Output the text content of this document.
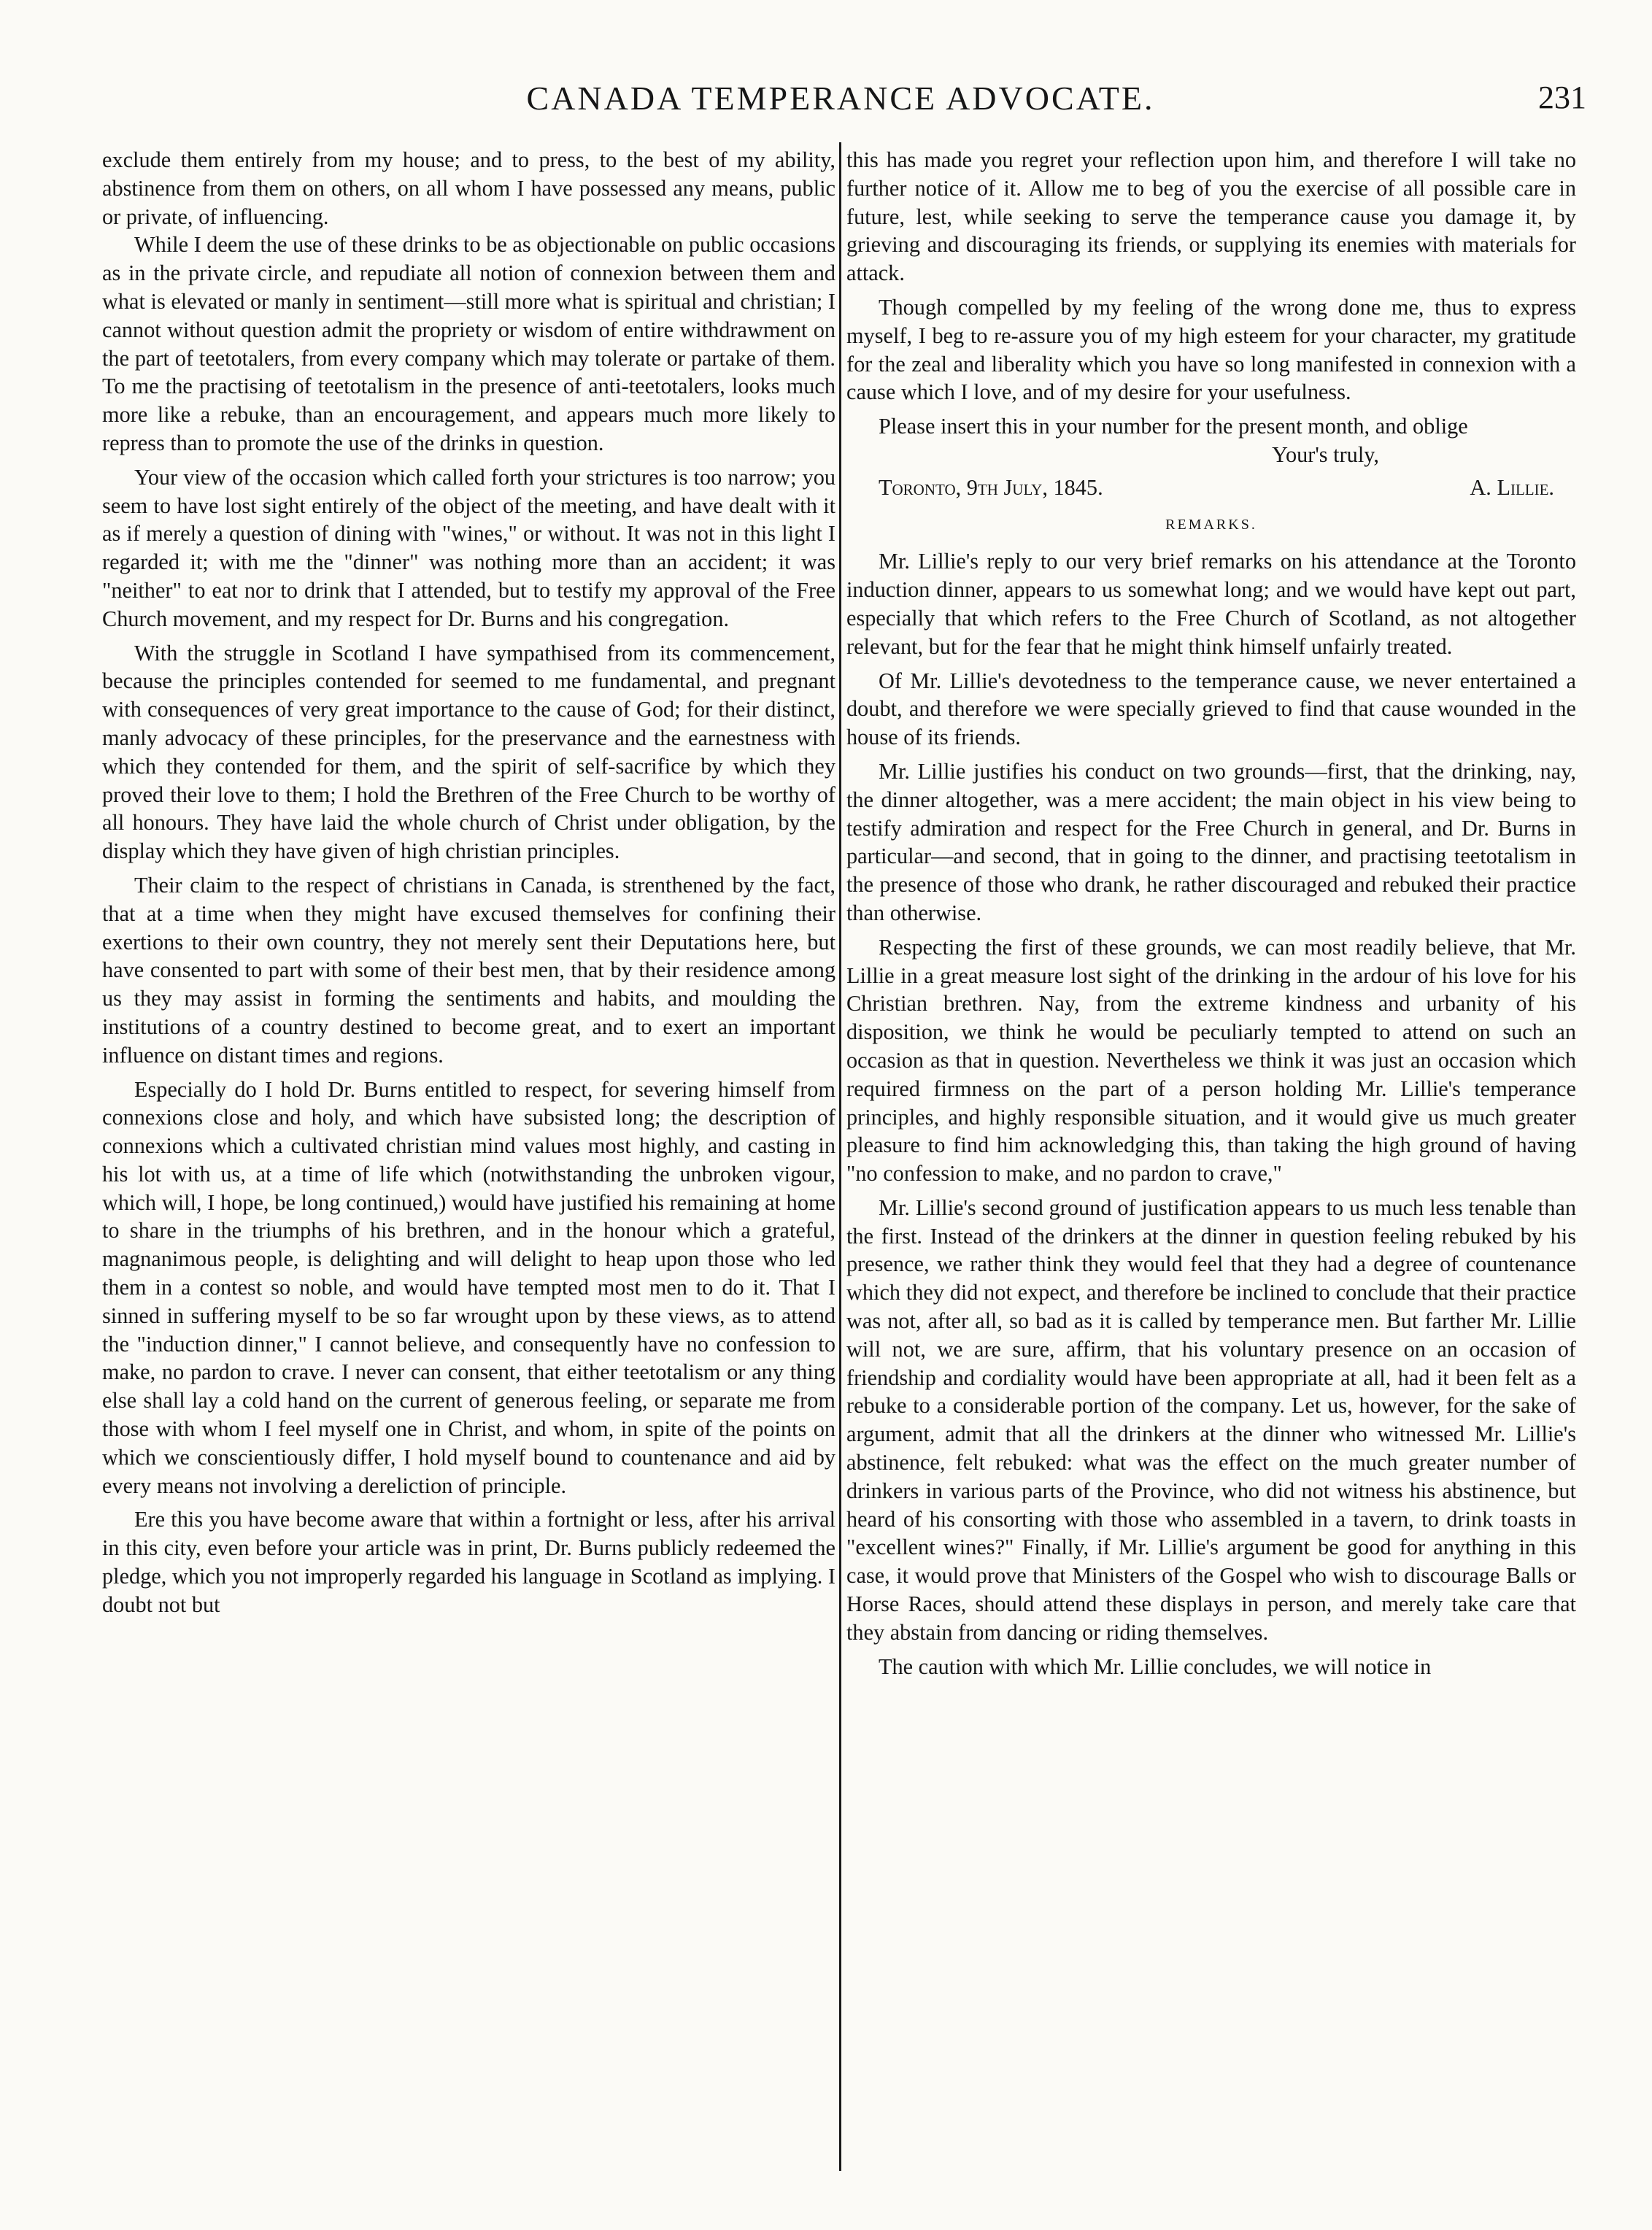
CANADA TEMPERANCE ADVOCATE.	231

exclude them entirely from my house; and to press, to the best of my ability, abstinence from them on others, on all whom I have possessed any means, public or private, of influencing.

While I deem the use of these drinks to be as objectionable on public occasions as in the private circle, and repudiate all notion of connexion between them and what is elevated or manly in sentiment—still more what is spiritual and christian; I cannot without question admit the propriety or wisdom of entire withdrawment on the part of teetotalers, from every company which may tolerate or partake of them. To me the practising of teetotalism in the presence of anti-teetotalers, looks much more like a rebuke, than an encouragement, and appears much more likely to repress than to promote the use of the drinks in question.

Your view of the occasion which called forth your strictures is too narrow; you seem to have lost sight entirely of the object of the meeting, and have dealt with it as if merely a question of dining with "wines," or without. It was not in this light I regarded it; with me the "dinner" was nothing more than an accident; it was "neither" to eat nor to drink that I attended, but to testify my approval of the Free Church movement, and my respect for Dr. Burns and his congregation.

With the struggle in Scotland I have sympathised from its commencement, because the principles contended for seemed to me fundamental, and pregnant with consequences of very great importance to the cause of God; for their distinct, manly advocacy of these principles, for the preservance and the earnestness with which they contended for them, and the spirit of self-sacrifice by which they proved their love to them; I hold the Brethren of the Free Church to be worthy of all honours. They have laid the whole church of Christ under obligation, by the display which they have given of high christian principles.

Their claim to the respect of christians in Canada, is strenthened by the fact, that at a time when they might have excused themselves for confining their exertions to their own country, they not merely sent their Deputations here, but have consented to part with some of their best men, that by their residence among us they may assist in forming the sentiments and habits, and moulding the institutions of a country destined to become great, and to exert an important influence on distant times and regions.

Especially do I hold Dr. Burns entitled to respect, for severing himself from connexions close and holy, and which have subsisted long; the description of connexions which a cultivated christian mind values most highly, and casting in his lot with us, at a time of life which (notwithstanding the unbroken vigour, which will, I hope, be long continued,) would have justified his remaining at home to share in the triumphs of his brethren, and in the honour which a grateful, magnanimous people, is delighting and will delight to heap upon those who led them in a contest so noble, and would have tempted most men to do it. That I sinned in suffering myself to be so far wrought upon by these views, as to attend the "induction dinner," I cannot believe, and consequently have no confession to make, no pardon to crave. I never can consent, that either teetotalism or any thing else shall lay a cold hand on the current of generous feeling, or separate me from those with whom I feel myself one in Christ, and whom, in spite of the points on which we conscientiously differ, I hold myself bound to countenance and aid by every means not involving a dereliction of principle.

Ere this you have become aware that within a fortnight or less, after his arrival in this city, even before your article was in print, Dr. Burns publicly redeemed the pledge, which you not improperly regarded his language in Scotland as implying. I doubt not but

this has made you regret your reflection upon him, and therefore I will take no further notice of it. Allow me to beg of you the exercise of all possible care in future, lest, while seeking to serve the temperance cause you damage it, by grieving and discouraging its friends, or supplying its enemies with materials for attack.

Though compelled by my feeling of the wrong done me, thus to express myself, I beg to re-assure you of my high esteem for your character, my gratitude for the zeal and liberality which you have so long manifested in connexion with a cause which I love, and of my desire for your usefulness.

Please insert this in your number for the present month, and oblige

Your's truly,

Toronto, 9th July, 1845.	A. Lillie.

REMARKS.

Mr. Lillie's reply to our very brief remarks on his attendance at the Toronto induction dinner, appears to us somewhat long; and we would have kept out part, especially that which refers to the Free Church of Scotland, as not altogether relevant, but for the fear that he might think himself unfairly treated.

Of Mr. Lillie's devotedness to the temperance cause, we never entertained a doubt, and therefore we were specially grieved to find that cause wounded in the house of its friends.

Mr. Lillie justifies his conduct on two grounds—first, that the drinking, nay, the dinner altogether, was a mere accident; the main object in his view being to testify admiration and respect for the Free Church in general, and Dr. Burns in particular—and second, that in going to the dinner, and practising teetotalism in the presence of those who drank, he rather discouraged and rebuked their practice than otherwise.

Respecting the first of these grounds, we can most readily believe, that Mr. Lillie in a great measure lost sight of the drinking in the ardour of his love for his Christian brethren. Nay, from the extreme kindness and urbanity of his disposition, we think he would be peculiarly tempted to attend on such an occasion as that in question. Nevertheless we think it was just an occasion which required firmness on the part of a person holding Mr. Lillie's temperance principles, and highly responsible situation, and it would give us much greater pleasure to find him acknowledging this, than taking the high ground of having "no confession to make, and no pardon to crave,"

Mr. Lillie's second ground of justification appears to us much less tenable than the first. Instead of the drinkers at the dinner in question feeling rebuked by his presence, we rather think they would feel that they had a degree of countenance which they did not expect, and therefore be inclined to conclude that their practice was not, after all, so bad as it is called by temperance men. But farther Mr. Lillie will not, we are sure, affirm, that his voluntary presence on an occasion of friendship and cordiality would have been appropriate at all, had it been felt as a rebuke to a considerable portion of the company. Let us, however, for the sake of argument, admit that all the drinkers at the dinner who witnessed Mr. Lillie's abstinence, felt rebuked: what was the effect on the much greater number of drinkers in various parts of the Province, who did not witness his abstinence, but heard of his consorting with those who assembled in a tavern, to drink toasts in "excellent wines?" Finally, if Mr. Lillie's argument be good for anything in this case, it would prove that Ministers of the Gospel who wish to discourage Balls or Horse Races, should attend these displays in person, and merely take care that they abstain from dancing or riding themselves.

The caution with which Mr. Lillie concludes, we will notice in
